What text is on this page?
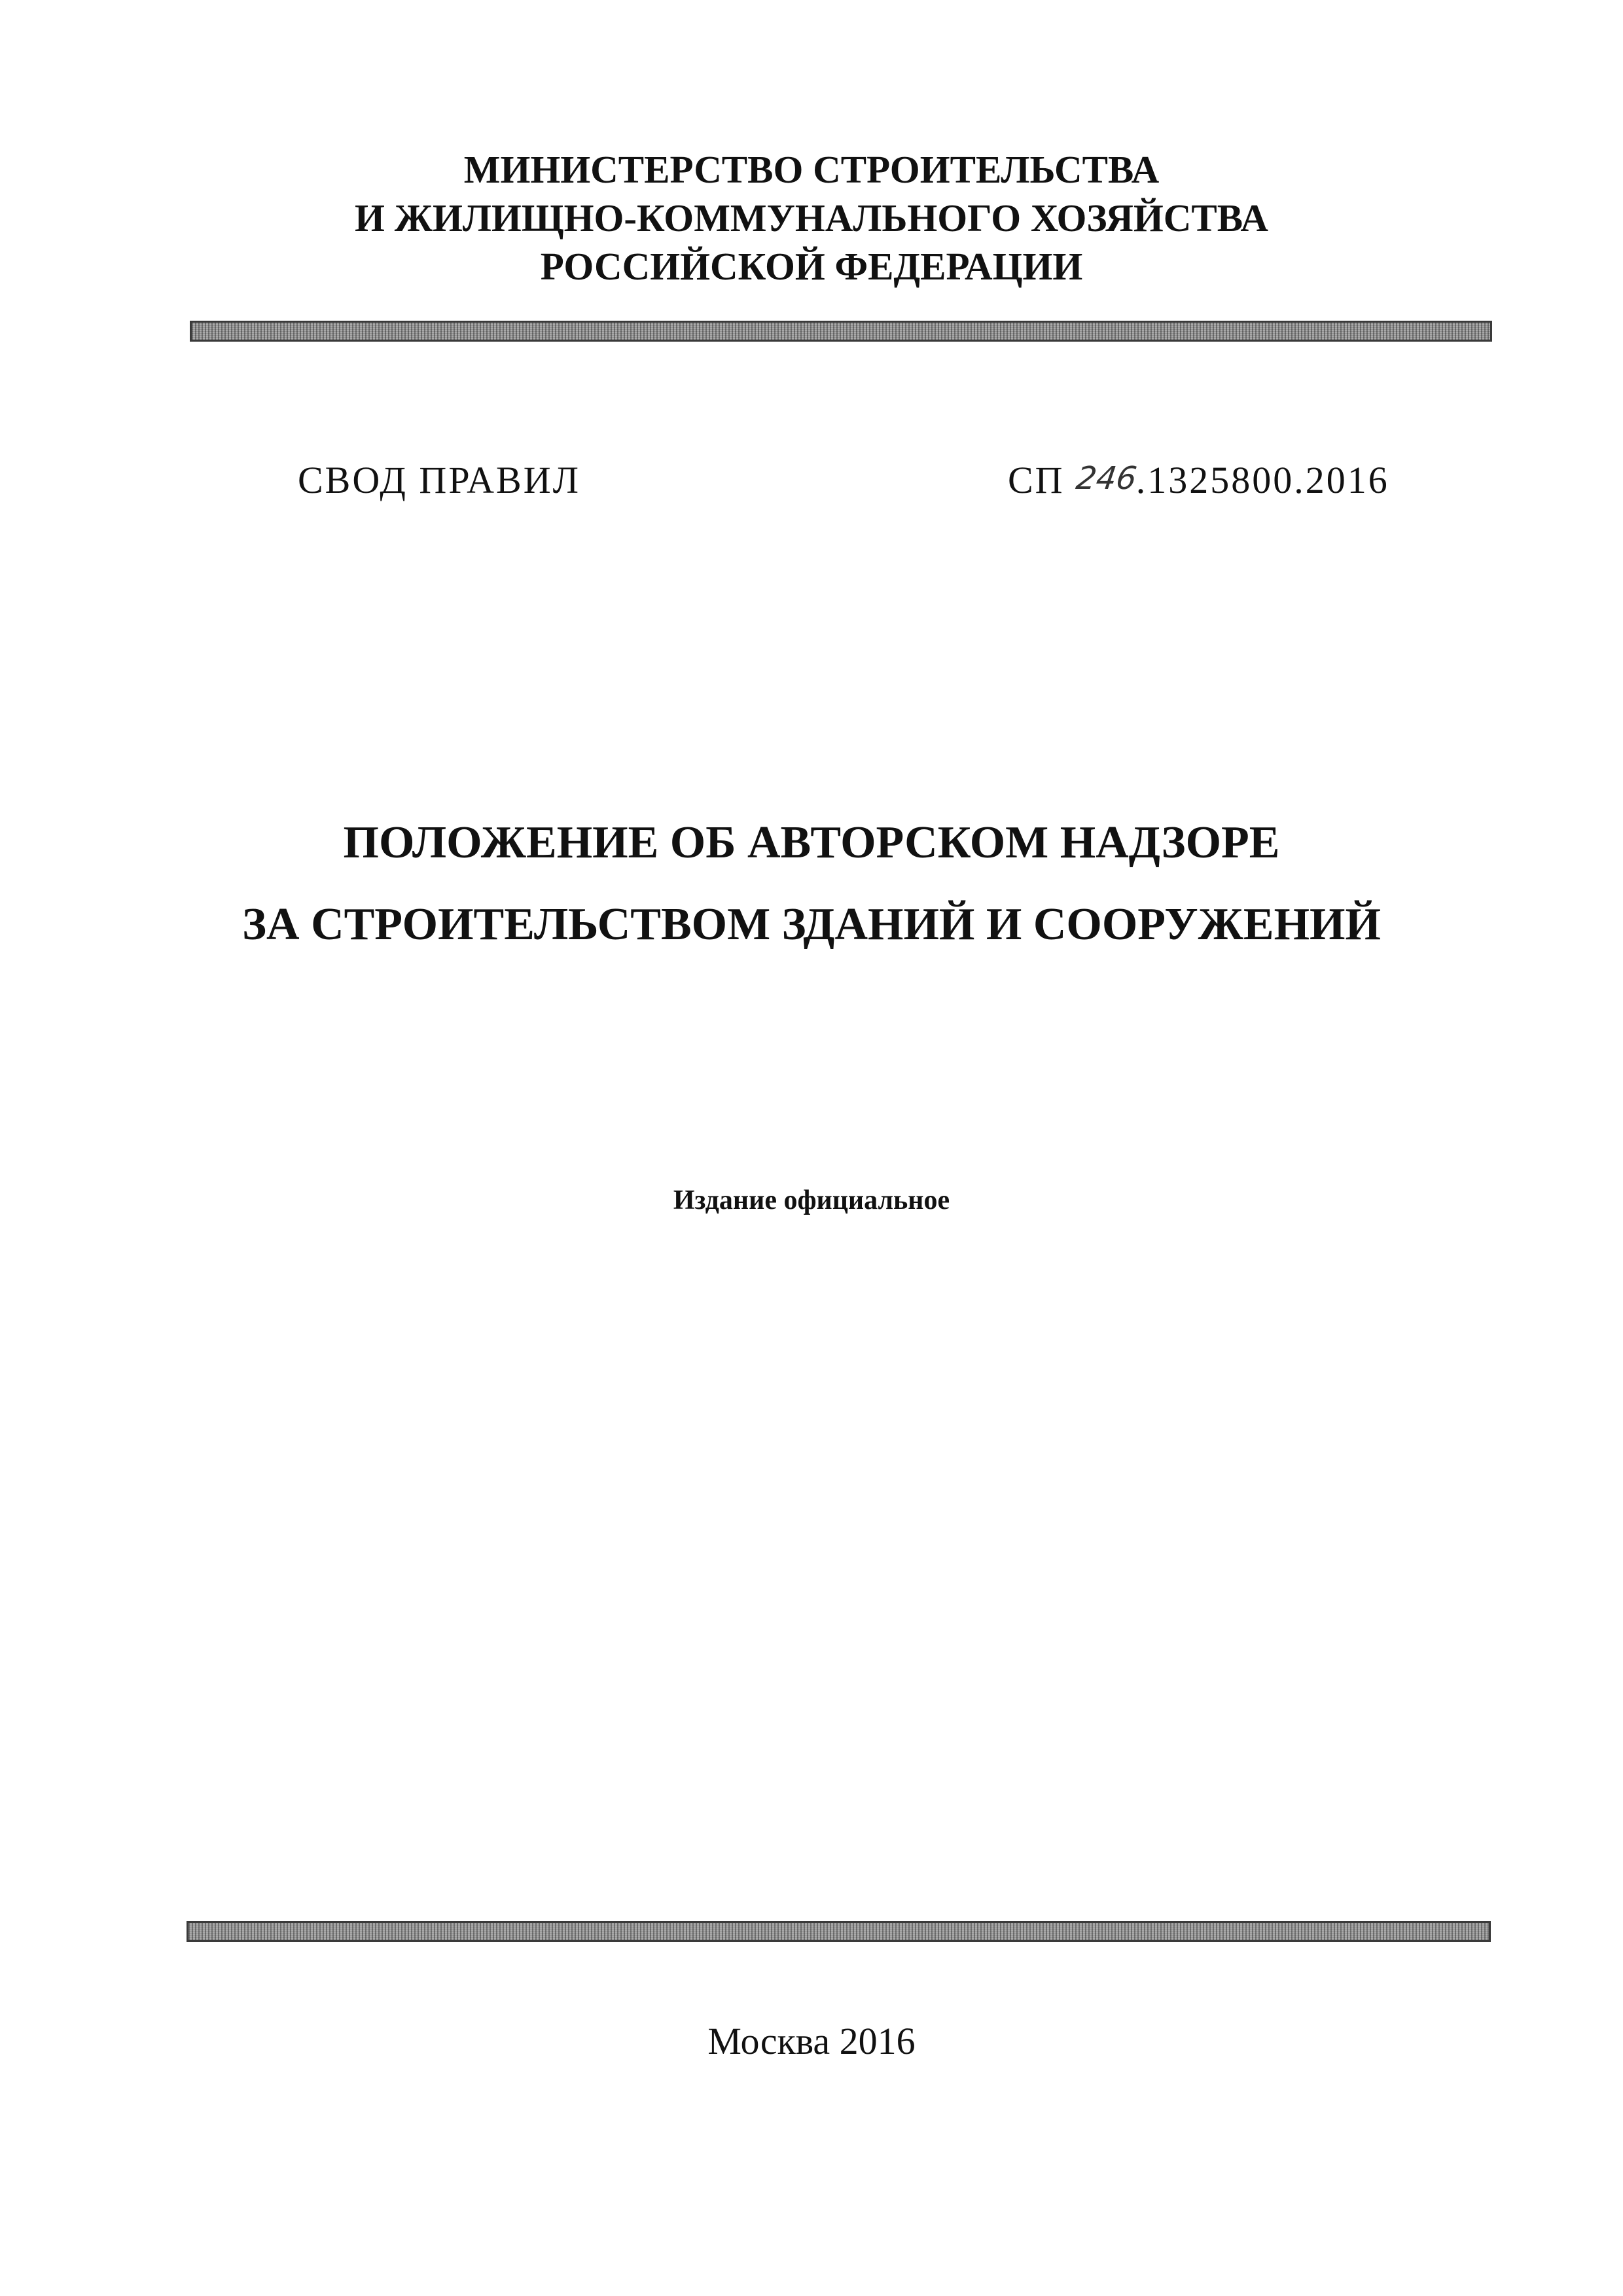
МИНИСТЕРСТВО СТРОИТЕЛЬСТВА
И ЖИЛИЩНО-КОММУНАЛЬНОГО ХОЗЯЙСТВА
РОССИЙСКОЙ ФЕДЕРАЦИИ
СВОД ПРАВИЛ	СП 246.1325800.2016
ПОЛОЖЕНИЕ ОБ АВТОРСКОМ НАДЗОРЕ
ЗА СТРОИТЕЛЬСТВОМ ЗДАНИЙ И СООРУЖЕНИЙ
Издание официальное
Москва 2016
